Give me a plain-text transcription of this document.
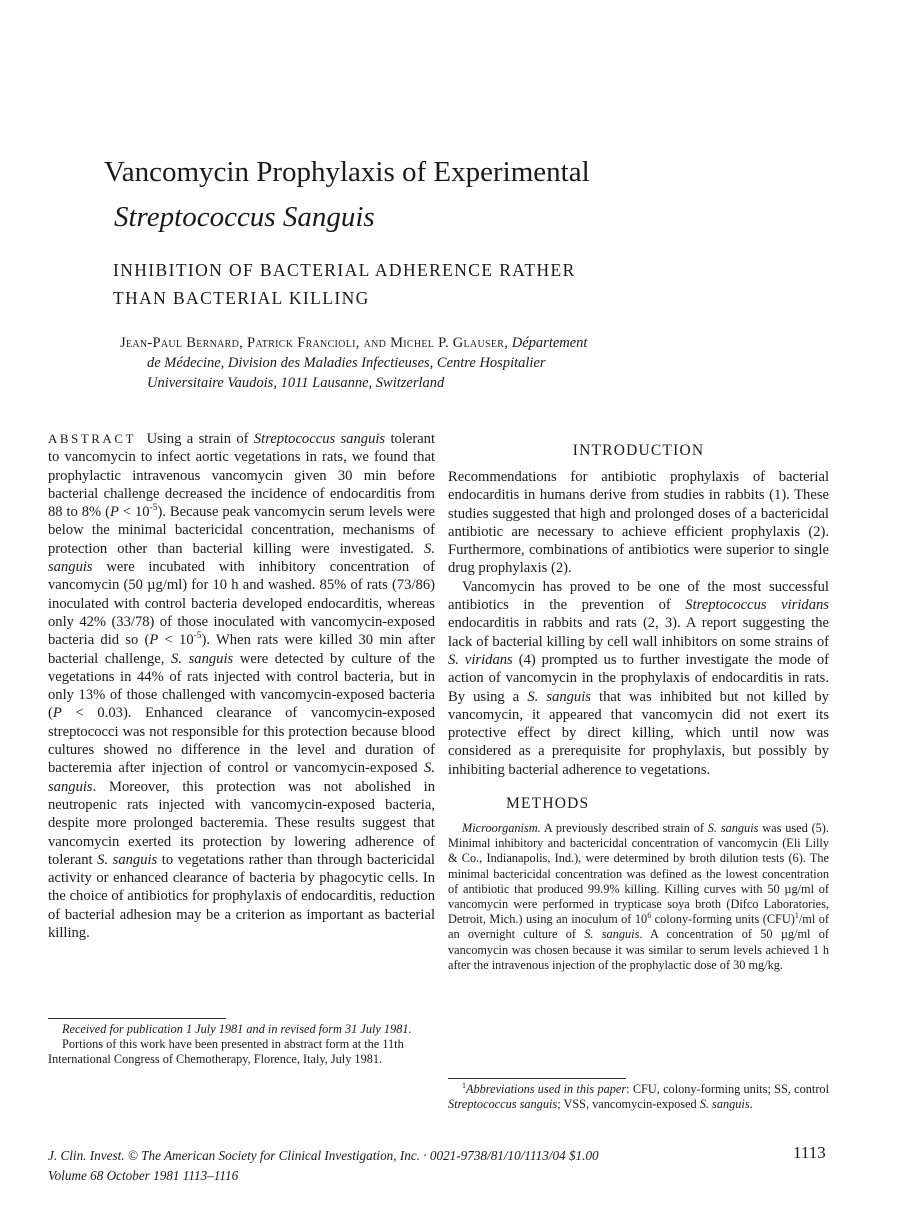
Vancomycin Prophylaxis of Experimental
Streptococcus Sanguis
INHIBITION OF BACTERIAL ADHERENCE RATHER
THAN BACTERIAL KILLING
Jean-Paul Bernard, Patrick Francioli, and Michel P. Glauser, Département
de Médecine, Division des Maladies Infectieuses, Centre Hospitalier
Universitaire Vaudois, 1011 Lausanne, Switzerland

ABSTRACT Using a strain of Streptococcus sanguis tolerant to vancomycin to infect aortic vegetations in rats, we found that prophylactic intravenous vancomycin given 30 min before bacterial challenge decreased the incidence of endocarditis from 88 to 8% $(P < 10^{-5})$. Because peak vancomycin serum levels were below the minimal bactericidal concentration, mechanisms of protection other than bacterial killing were investigated. S. sanguis were incubated with inhibitory concentration of vancomycin (50 µg/ml) for 10 h and washed. 85% of rats (73/86) inoculated with control bacteria developed endocarditis, whereas only 42% (33/78) of those inoculated with vancomycin-exposed bacteria did so $(P < 10^{-5})$. When rats were killed 30 min after bacterial challenge, S. sanguis were detected by culture of the vegetations in 44% of rats injected with control bacteria, but in only 13% of those challenged with vancomycin-exposed bacteria (P < 0.03). Enhanced clearance of vancomycin-exposed streptococci was not responsible for this protection because blood cultures showed no difference in the level and duration of bacteremia after injection of control or vancomycin-exposed S. sanguis. Moreover, this protection was not abolished in neutropenic rats injected with vancomycin-exposed bacteria, despite more prolonged bacteremia. These results suggest that vancomycin exerted its protection by lowering adherence of tolerant S. sanguis to vegetations rather than through bactericidal activity or enhanced clearance of bacteria by phagocytic cells. In the choice of antibiotics for prophylaxis of endocarditis, reduction of bacterial adhesion may be a criterion as important as bacterial killing.

Received for publication 1 July 1981 and in revised form 31 July 1981.

Portions of this work have been presented in abstract form at the 11th International Congress of Chemotherapy, Florence, Italy, July 1981.

INTRODUCTION

Recommendations for antibiotic prophylaxis of bacterial endocarditis in humans derive from studies in rabbits (1). These studies suggested that high and prolonged doses of a bactericidal antibiotic are necessary to achieve efficient prophylaxis (2). Furthermore, combinations of antibiotics were superior to single drug prophylaxis (2).

Vancomycin has proved to be one of the most successful antibiotics in the prevention of Streptococcus viridans endocarditis in rabbits and rats (2, 3). A report suggesting the lack of bacterial killing by cell wall inhibitors on some strains of S. viridans (4) prompted us to further investigate the mode of action of vancomycin in the prophylaxis of endocarditis in rats. By using a S. sanguis that was inhibited but not killed by vancomycin, it appeared that vancomycin did not exert its protective effect by direct killing, which until now was considered as a prerequisite for prophylaxis, but possibly by inhibiting bacterial adherence to vegetations.

METHODS

Microorganism. A previously described strain of S. sanguis was used (5). Minimal inhibitory and bactericidal concentration of vancomycin (Eli Lilly & Co., Indianapolis, Ind.), were determined by broth dilution tests (6). The minimal bactericidal concentration was defined as the lowest concentration of antibiotic that produced 99.9% killing. Killing curves with 50 µg/ml of vancomycin were performed in trypticase soya broth (Difco Laboratories, Detroit, Mich.) using an inoculum of $10^6$ colony-forming units (CFU)$^1$/ml of an overnight culture of S. sanguis. A concentration of 50 µg/ml of vancomycin was chosen because it was similar to serum levels achieved 1 h after the intravenous injection of the prophylactic dose of 30 mg/kg.

$^1$Abbreviations used in this paper: CFU, colony-forming units; SS, control Streptococcus sanguis; VSS, vancomycin-exposed S. sanguis.

J. Clin. Invest. © The American Society for Clinical Investigation, Inc. · 0021-9738/81/10/1113/04 $1.00	1113
Volume 68 October 1981 1113–1116
